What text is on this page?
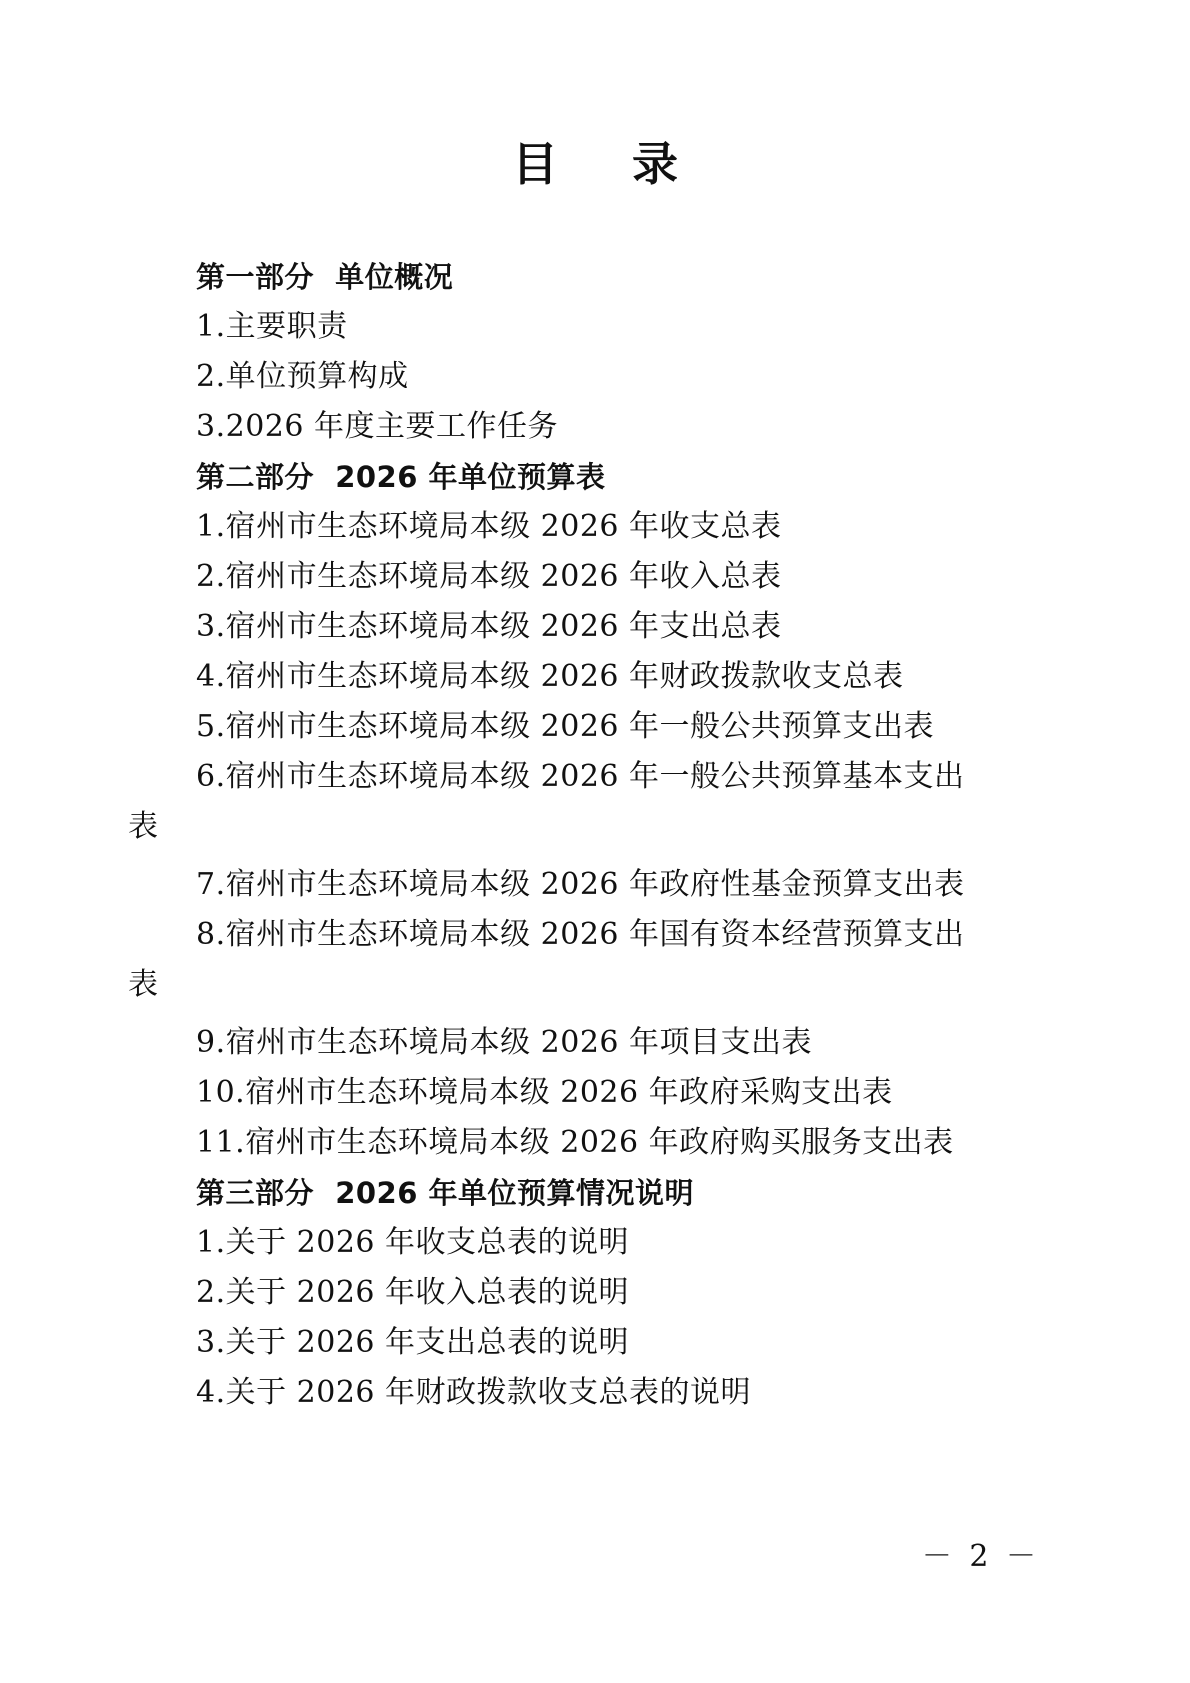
目　录
第一部分  单位概况
1.主要职责
2.单位预算构成
3.2026 年度主要工作任务
第二部分  2026 年单位预算表
1.宿州市生态环境局本级 2026 年收支总表
2.宿州市生态环境局本级 2026 年收入总表
3.宿州市生态环境局本级 2026 年支出总表
4.宿州市生态环境局本级 2026 年财政拨款收支总表
5.宿州市生态环境局本级 2026 年一般公共预算支出表
6.宿州市生态环境局本级 2026 年一般公共预算基本支出
表
7.宿州市生态环境局本级 2026 年政府性基金预算支出表
8.宿州市生态环境局本级 2026 年国有资本经营预算支出
表
9.宿州市生态环境局本级 2026 年项目支出表
10.宿州市生态环境局本级 2026 年政府采购支出表
11.宿州市生态环境局本级 2026 年政府购买服务支出表
第三部分  2026 年单位预算情况说明
1.关于 2026 年收支总表的说明
2.关于 2026 年收入总表的说明
3.关于 2026 年支出总表的说明
4.关于 2026 年财政拨款收支总表的说明
－ 2 －
